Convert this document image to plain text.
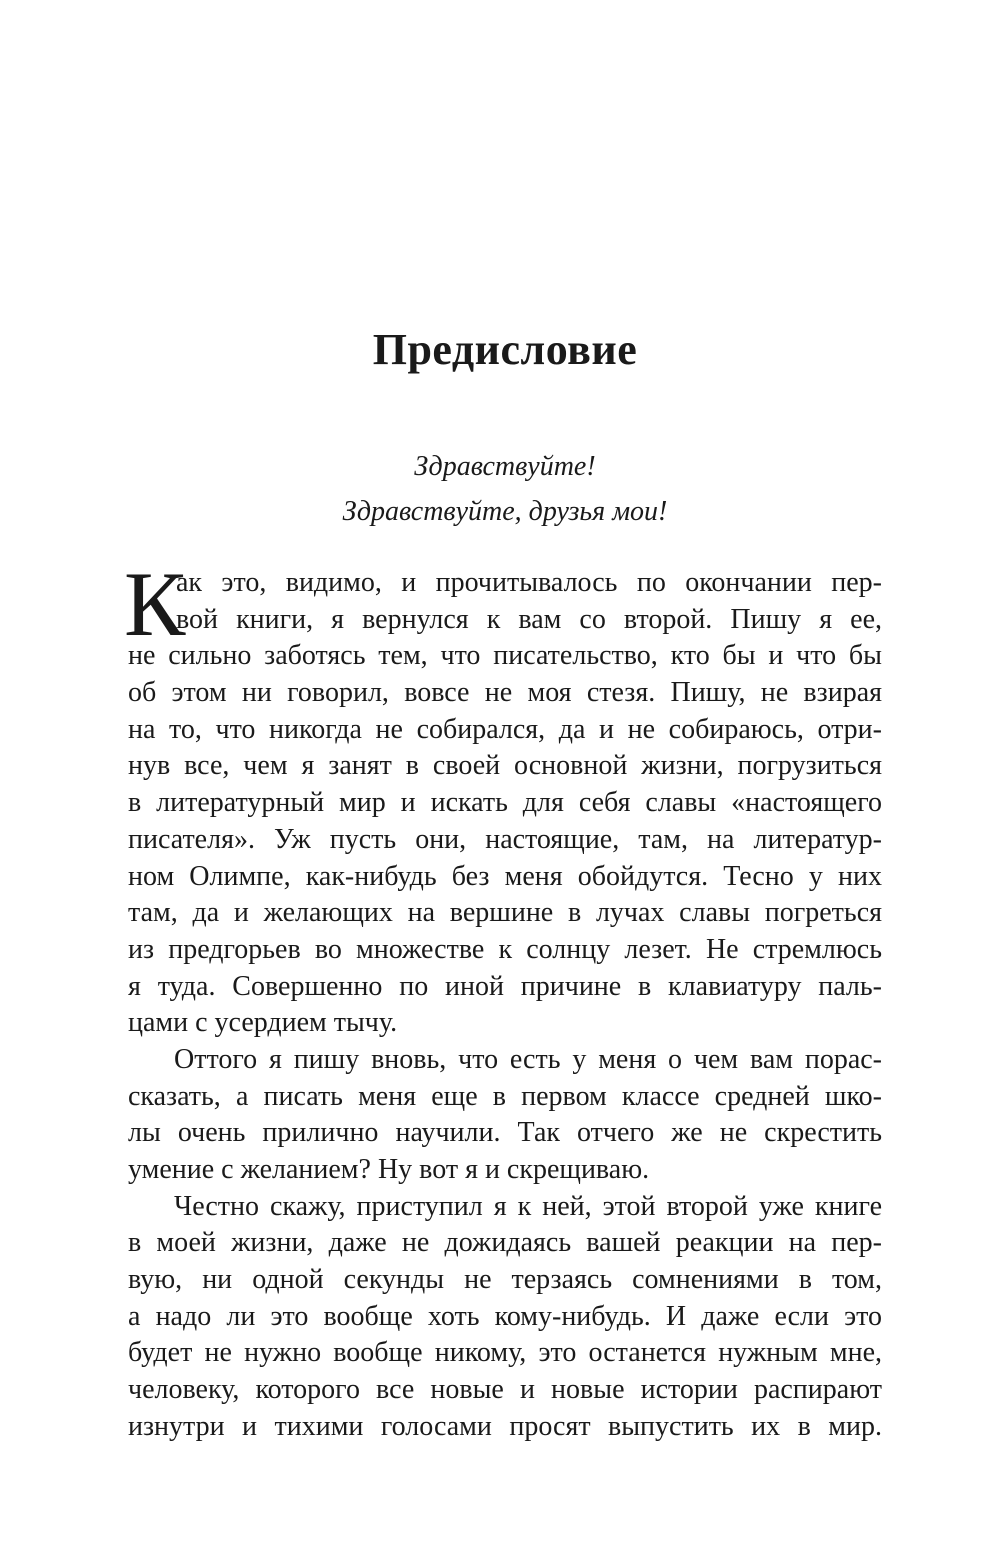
Предисловие
Здравствуйте!
Здравствуйте, друзья мои!
К
ак это, видимо, и прочитывалось по окончании пер-
вой книги, я вернулся к вам со второй. Пишу я ее,
не сильно заботясь тем, что писательство, кто бы и что бы
об этом ни говорил, вовсе не моя стезя. Пишу, не взирая
на то, что никогда не собирался, да и не собираюсь, отри-
нув все, чем я занят в своей основной жизни, погрузиться
в литературный мир и искать для себя славы «настоящего
писателя». Уж пусть они, настоящие, там, на литератур-
ном Олимпе, как-нибудь без меня обойдутся. Тесно у них
там, да и желающих на вершине в лучах славы погреться
из предгорьев во множестве к солнцу лезет. Не стремлюсь
я туда. Совершенно по иной причине в клавиатуру паль-
цами с усердием тычу.
Оттого я пишу вновь, что есть у меня о чем вам порас-
сказать, а писать меня еще в первом классе средней шко-
лы очень прилично научили. Так отчего же не скрестить
умение с желанием? Ну вот я и скрещиваю.
Честно скажу, приступил я к ней, этой второй уже книге
в моей жизни, даже не дожидаясь вашей реакции на пер-
вую, ни одной секунды не терзаясь сомнениями в том,
а надо ли это вообще хоть кому-нибудь. И даже если это
будет не нужно вообще никому, это останется нужным мне,
человеку, которого все новые и новые истории распирают
изнутри и тихими голосами просят выпустить их в мир.
